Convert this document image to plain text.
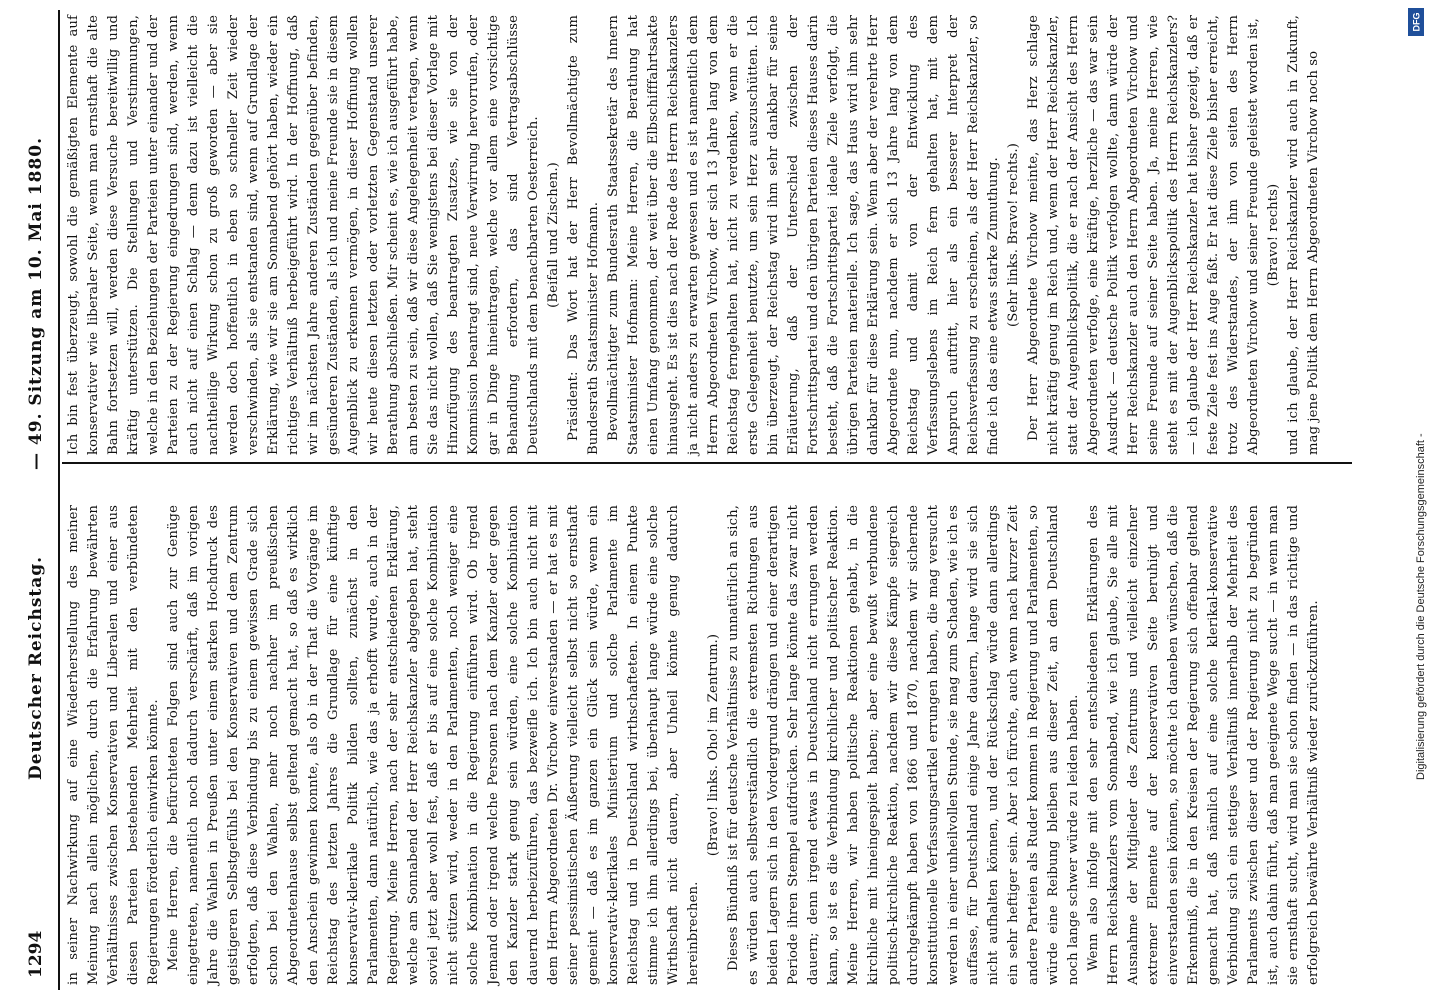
1294
Deutscher Reichstag.
— 49. Sitzung am 10. Mai 1880.

in seiner Nachwirkung auf eine Wiederherstellung des meiner Meinung nach allein möglichen, durch die Erfahrung bewährten Verhältnisses zwischen Konservativen und Liberalen und einer aus diesen Parteien bestehenden Mehrheit mit den verbündeten Regierungen förderlich einwirken könnte. Meine Herren, die befürchteten Folgen sind auch zur Genüge eingetreten, namentlich noch dadurch verschärft, daß im vorigen Jahre die Wahlen in Preußen unter einem starken Hochdruck des geistigeren Selbstgefühls bei den Konservativen und dem Zentrum erfolgten, daß diese Verbindung bis zu einem gewissen Grade sich schon bei den Wahlen, mehr noch nachher im preußischen Abgeordnetenhause selbst geltend gemacht hat, so daß es wirklich den Anschein gewinnen konnte, als ob in der That die Vorgänge im Reichstag des letzten Jahres die Grundlage für eine künftige konservativ-klerikale Politik bilden sollten, zunächst in den Parlamenten, dann natürlich, wie das ja erhofft wurde, auch in der Regierung. Meine Herren, nach der sehr entschiedenen Erklärung, welche am Sonnabend der Herr Reichskanzler abgegeben hat, steht soviel jetzt aber wohl fest, daß er bis auf eine solche Kombination nicht stützen wird, weder in den Parlamenten, noch weniger eine solche Kombination in die Regierung einführen wird. Ob irgend Jemand oder irgend welche Personen nach dem Kanzler oder gegen den Kanzler stark genug sein würden, eine solche Kombination dauernd herbeizuführen, das bezweifle ich. Ich bin auch nicht mit dem Herrn Abgeordneten Dr. Virchow einverstanden — er hat es mit seiner pessimistischen Äußerung vielleicht selbst nicht so ernsthaft gemeint — daß es im ganzen ein Glück sein würde, wenn ein konservativ-klerikales Ministerium und solche Parlamente im Reichstag und in Deutschland wirthschafteten. In einem Punkte stimme ich ihm allerdings bei, überhaupt lange würde eine solche Wirthschaft nicht dauern, aber Unheil könnte genug dadurch hereinbrechen.

(Bravo! links. Oho! im Zentrum.) Dieses Bündniß ist für deutsche Verhältnisse zu unnatürlich an sich, es würden auch selbstverständlich die extremsten Richtungen aus beiden Lagern sich in den Vordergrund drängen und einer derartigen Periode ihren Stempel aufdrücken. Sehr lange könnte das zwar nicht dauern; denn irgend etwas in Deutschland nicht errungen werden kann, so ist es die Verbindung kirchlicher und politischer Reaktion. Meine Herren, wir haben politische Reaktionen gehabt, in die kirchliche mit hineingespielt haben; aber eine bewußt verbundene politisch-kirchliche Reaktion, nachdem wir diese Kämpfe siegreich durchgekämpft haben von 1866 und 1870, nachdem wir sichernde konstitutionelle Verfassungsartikel errungen haben, die mag versucht werden in einer unheilvollen Stunde, sie mag zum Schaden, wie ich es auffasse, für Deutschland einige Jahre dauern, lange wird sie sich nicht aufhalten können, und der Rückschlag würde dann allerdings ein sehr heftiger sein. Aber ich fürchte, auch wenn nach kurzer Zeit andere Parteien als Ruder kommen in Regierung und Parlamenten, so würde eine Reibung bleiben aus dieser Zeit, an dem Deutschland noch lange schwer würde zu leiden haben. Wenn also infolge mit den sehr entschiedenen Erklärungen des Herrn Reichskanzlers vom Sonnabend, wie ich glaube, Sie alle mit Ausnahme der Mitglieder des Zentrums und vielleicht einzelner extremer Elemente auf der konservativen Seite beruhigt und einverstanden sein können, so möchte ich daneben wünschen, daß die Erkenntniß, die in den Kreisen der Regierung sich offenbar geltend gemacht hat, daß nämlich auf eine solche klerikal-konservative Verbindung sich ein stetiges Verhältniß innerhalb der Mehrheit des Parlaments zwischen dieser und der Regierung nicht zu begründen ist, auch dahin führt, daß man geeignete Wege sucht — in wenn man sie ernsthaft sucht, wird man sie schon finden — in das richtige und erfolgreich bewährte Verhältniß wieder zurückzuführen.

Ich bin fest überzeugt, sowohl die gemäßigten Elemente auf konservativer wie liberaler Seite, wenn man ernsthaft die alte Bahn fortsetzen will, werden diese Versuche bereitwillig und kräftig unterstützen. Die Stellungen und Verstimmungen, welche in den Beziehungen der Parteien unter einander und der Parteien zu der Regierung eingedrungen sind, werden, wenn auch nicht auf einen Schlag — denn dazu ist vielleicht die nachtheilige Wirkung schon zu groß geworden — aber sie werden doch hoffentlich in eben so schneller Zeit wieder verschwinden, als sie entstanden sind, wenn auf Grundlage der Erklärung, wie wir sie am Sonnabend gehört haben, wieder ein richtiges Verhältniß herbeigeführt wird. In der Hoffnung, daß wir im nächsten Jahre anderen Zuständen gegenüber befinden, gesünderen Zuständen, als ich und meine Freunde sie in diesem Augenblick zu erkennen vermögen, in dieser Hoffnung wollen wir heute diesen letzten oder vorletzten Gegenstand unserer Berathung abschließen. Mir scheint es, wie ich ausgeführt habe, am besten zu sein, daß wir diese Angelegenheit vertagen, wenn Sie das nicht wollen, daß Sie wenigstens bei dieser Vorlage mit Hinzufügung des beantragten Zusatzes, wie sie von der Kommission beantragt sind, neue Verwirrung hervorrufen, oder gar in Dinge hineintragen, welche vor allem eine vorsichtige Behandlung erfordern, das sind Vertragsabschlüsse Deutschlands mit dem benachbarten Oesterreich. (Beifall und Zischen.) Präsident: Das Wort hat der Herr Bevollmächtigte zum Bundesrath Staatsminister Hofmann. Bevollmächtigter zum Bundesrath Staatssekretär des Innern Staatsminister Hofmann: Meine Herren, die Berathung hat einen Umfang genommen, der weit über die Elbschifffahrtsakte hinausgeht. Es ist dies nach der Rede des Herrn Reichskanzlers ja nicht anders zu erwarten gewesen und es ist namentlich dem Herrn Abgeordneten Virchow, der sich 13 Jahre lang von dem Reichstag ferngehalten hat, nicht zu verdenken, wenn er die erste Gelegenheit benutzte, um sein Herz auszuschütten. Ich bin überzeugt, der Reichstag wird ihm sehr dankbar für seine Erläuterung, daß der Unterschied zwischen der Fortschrittspartei und den übrigen Parteien dieses Hauses darin besteht, daß die Fortschrittspartei ideale Ziele verfolgt, die übrigen Parteien materielle. Ich sage, das Haus wird ihm sehr dankbar für diese Erklärung sein. Wenn aber der verehrte Herr Abgeordnete nun, nachdem er sich 13 Jahre lang von dem Reichstag und damit von der Entwicklung des Verfassungslebens im Reich fern gehalten hat, mit dem Anspruch auftritt, hier als ein besserer Interpret der Reichsverfassung zu erscheinen, als der Herr Reichskanzler, so finde ich das eine etwas starke Zumuthung. (Sehr links. Bravo! rechts.) Der Herr Abgeordnete Virchow meinte, das Herz schlage nicht kräftig genug im Reich und, wenn der Herr Reichskanzler, statt der Augenblickspolitik, die er nach der Ansicht des Herrn Abgeordneten verfolge, eine kräftige, herzliche — das war sein Ausdruck — deutsche Politik verfolgen wollte, dann würde der Herr Reichskanzler auch den Herrn Abgeordneten Virchow und seine Freunde auf seiner Seite haben. Ja, meine Herren, wie steht es mit der Augenblickspolitik des Herrn Reichskanzlers? — ich glaube der Herr Reichskanzler hat bisher gezeigt, daß er feste Ziele fest ins Auge faßt. Er hat diese Ziele bisher erreicht, trotz des Widerstandes, der ihm von seiten des Herrn Abgeordneten Virchow und seiner Freunde geleistet worden ist, (Bravo! rechts) und ich glaube, der Herr Reichskanzler wird auch in Zukunft, mag jene Politik dem Herrn Abgeordneten Virchow noch so

Digitalisierung gefördert durch die Deutsche Forschungsgemeinschaft -
DFG
